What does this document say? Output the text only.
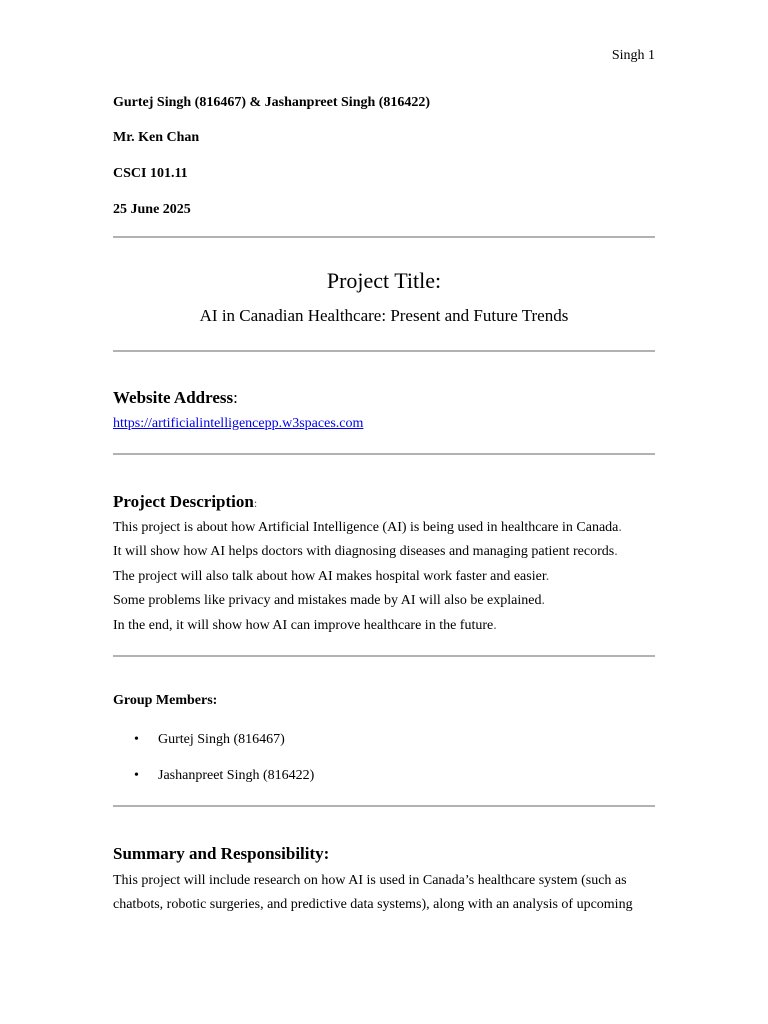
Singh 1
Gurtej Singh (816467) & Jashanpreet Singh (816422)
Mr. Ken Chan
CSCI 101.11
25 June 2025
Project Title:
AI in Canadian Healthcare: Present and Future Trends
Website Address:
https://artificialintelligencepp.w3spaces.com
Project Description:
This project is about how Artificial Intelligence (AI) is being used in healthcare in Canada.
It will show how AI helps doctors with diagnosing diseases and managing patient records.
The project will also talk about how AI makes hospital work faster and easier.
Some problems like privacy and mistakes made by AI will also be explained.
In the end, it will show how AI can improve healthcare in the future.
Group Members:
• Gurtej Singh (816467)
• Jashanpreet Singh (816422)
Summary and Responsibility:
This project will include research on how AI is used in Canada’s healthcare system (such as
chatbots, robotic surgeries, and predictive data systems), along with an analysis of upcoming
